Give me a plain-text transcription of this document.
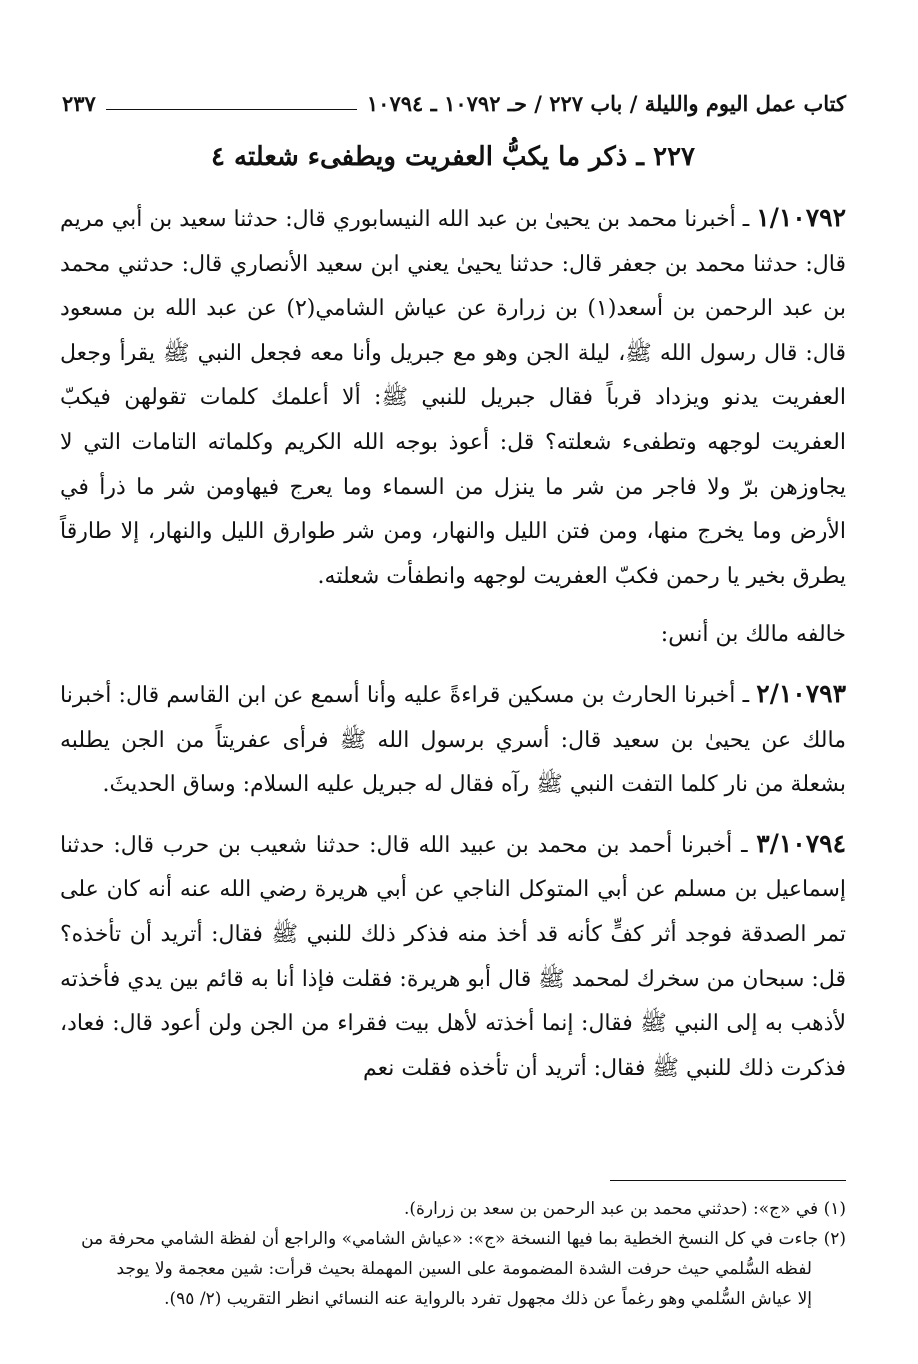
كتاب عمل اليوم والليلة / باب ٢٢٧ / حـ ١٠٧٩٢ ـ ١٠٧٩٤
٢٣٧
٢٢٧ ـ ذكر ما يكبُّ العفريت ويطفىء شعلته ٤

١/١٠٧٩٢ ـ أخبرنا محمد بن يحيىٰ بن عبد الله النيسابوري قال: حدثنا سعيد بن أبي مريم قال: حدثنا محمد بن جعفر قال: حدثنا يحيىٰ يعني ابن سعيد الأنصاري قال: حدثني محمد بن عبد الرحمن بن أسعد(١) بن زرارة عن عياش الشامي(٢) عن عبد الله بن مسعود قال: قال رسول الله ﷺ، ليلة الجن وهو مع جبريل وأنا معه فجعل النبي ﷺ يقرأ وجعل العفريت يدنو ويزداد قرباً فقال جبريل للنبي ﷺ: ألا أعلمك كلمات تقولهن فيكبّ العفريت لوجهه وتطفىء شعلته؟ قل: أعوذ بوجه الله الكريم وكلماته التامات التي لا يجاوزهن برّ ولا فاجر من شر ما ينزل من السماء وما يعرج فيهاومن شر ما ذرأ في الأرض وما يخرج منها، ومن فتن الليل والنهار، ومن شر طوارق الليل والنهار، إلا طارقاً يطرق بخير يا رحمن فكبّ العفريت لوجهه وانطفأت شعلته.

خالفه مالك بن أنس:

٢/١٠٧٩٣ ـ أخبرنا الحارث بن مسكين قراءةً عليه وأنا أسمع عن ابن القاسم قال: أخبرنا مالك عن يحيىٰ بن سعيد قال: أسري برسول الله ﷺ فرأى عفريتاً من الجن يطلبه بشعلة من نار كلما التفت النبي ﷺ رآه فقال له جبريل عليه السلام: وساق الحديثَ.

٣/١٠٧٩٤ ـ أخبرنا أحمد بن محمد بن عبيد الله قال: حدثنا شعيب بن حرب قال: حدثنا إسماعيل بن مسلم عن أبي المتوكل الناجي عن أبي هريرة رضي الله عنه أنه كان على تمر الصدقة فوجد أثر كفٍّ كأنه قد أخذ منه فذكر ذلك للنبي ﷺ فقال: أتريد أن تأخذه؟ قل: سبحان من سخرك لمحمد ﷺ قال أبو هريرة: فقلت فإذا أنا به قائم بين يدي فأخذته لأذهب به إلى النبي ﷺ فقال: إنما أخذته لأهل بيت فقراء من الجن ولن أعود قال: فعاد، فذكرت ذلك للنبي ﷺ فقال: أتريد أن تأخذه فقلت نعم

(١) في «ج»: (حدثني محمد بن عبد الرحمن بن سعد بن زرارة).

(٢) جاءت في كل النسخ الخطية بما فيها النسخة «ج»: «عياش الشامي» والراجع أن لفظة الشامي محرفة من

لفظه السُّلمي حيث حرفت الشدة المضمومة على السين المهملة بحيث قرأت: شين معجمة ولا يوجد

إلا عياش السُّلمي وهو رغماً عن ذلك مجهول تفرد بالرواية عنه النسائي انظر التقريب (٢/ ٩٥).
